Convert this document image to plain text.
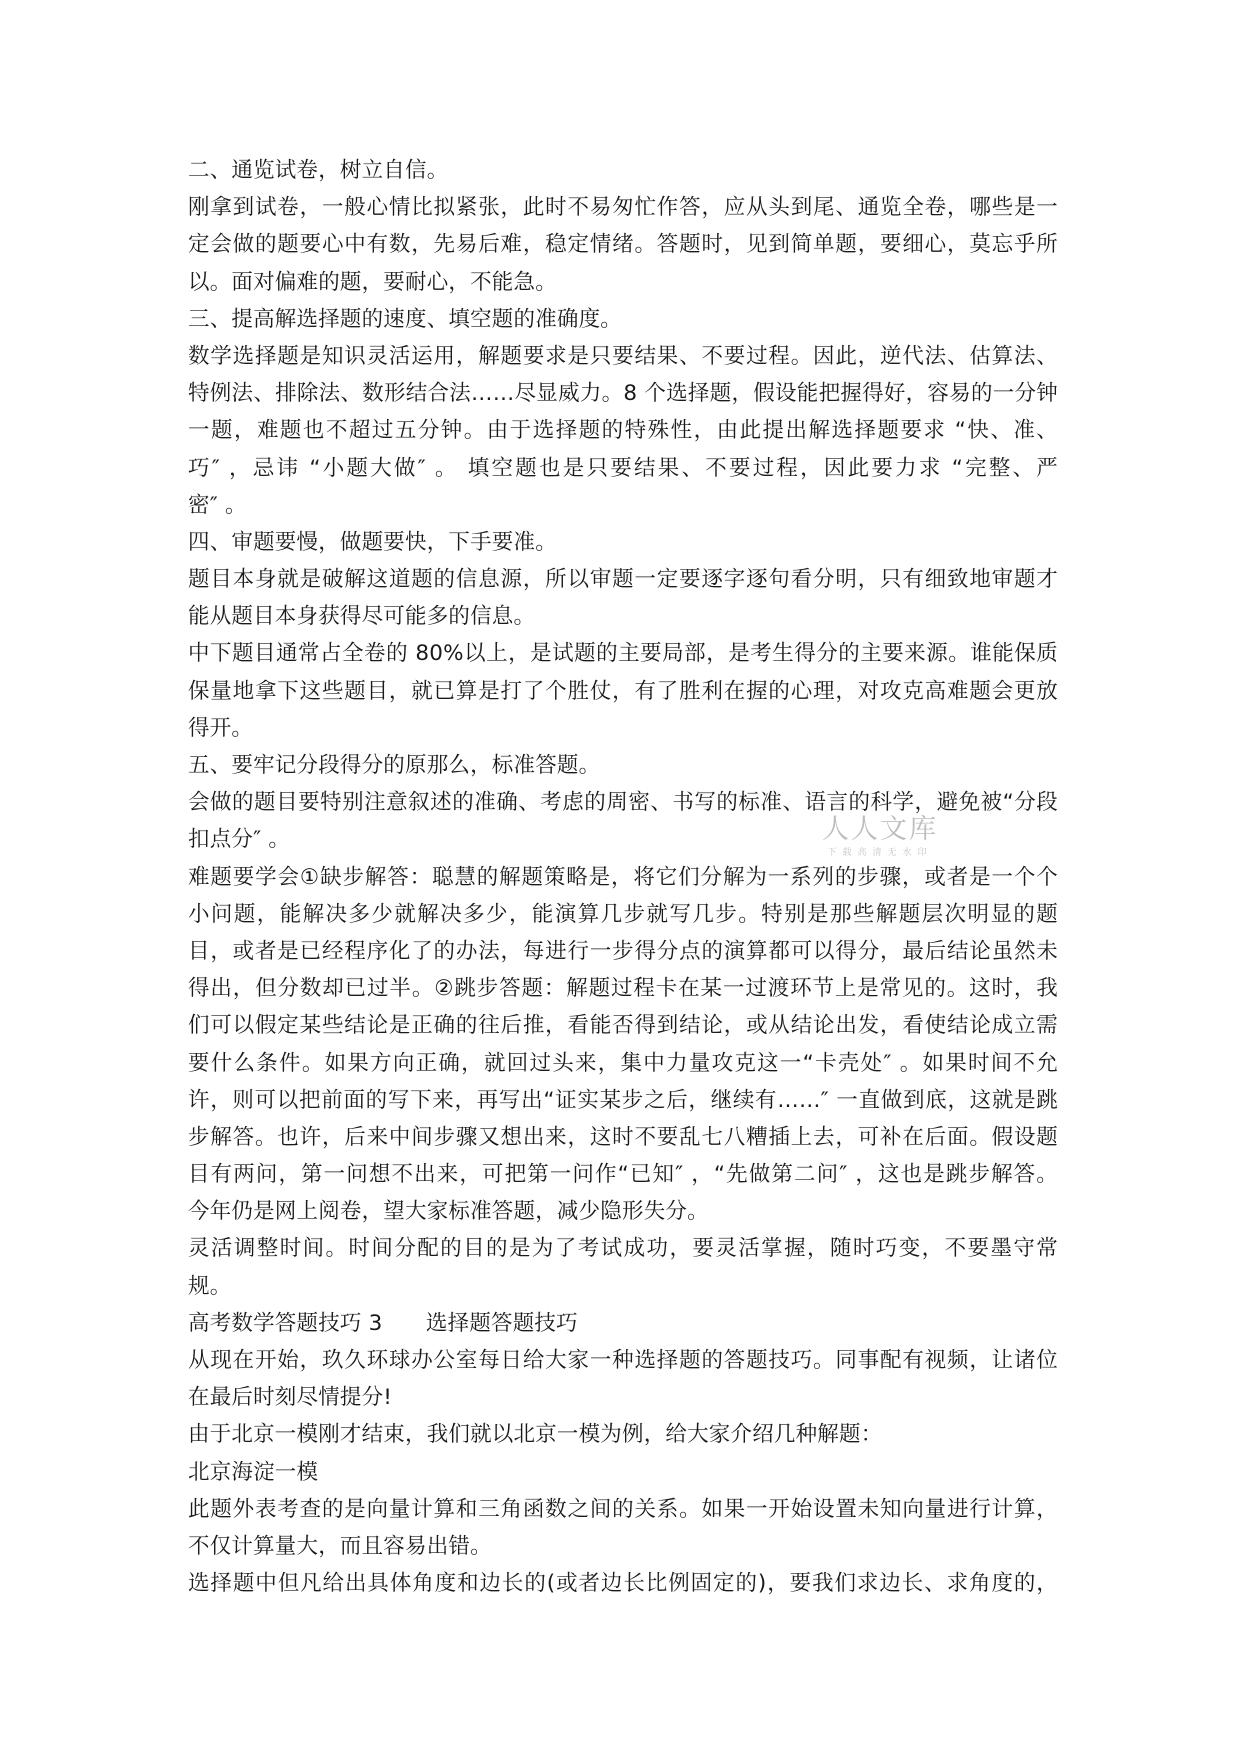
二、通览试卷，树立自信。
刚拿到试卷，一般心情比拟紧张，此时不易匆忙作答，应从头到尾、通览全卷，哪些是一
定会做的题要心中有数，先易后难，稳定情绪。答题时，见到简单题，要细心，莫忘乎所
以。面对偏难的题，要耐心，不能急。
三、提高解选择题的速度、填空题的准确度。
数学选择题是知识灵活运用，解题要求是只要结果、不要过程。因此，逆代法、估算法、
特例法、排除法、数形结合法……尽显威力。8 个选择题，假设能把握得好，容易的一分钟
一题，难题也不超过五分钟。由于选择题的特殊性，由此提出解选择题要求 “快、准、
巧″ ，忌讳 “小题大做″ 。 填空题也是只要结果、不要过程，因此要力求 “完整、严
密″ 。
四、审题要慢，做题要快，下手要准。
题目本身就是破解这道题的信息源，所以审题一定要逐字逐句看分明，只有细致地审题才
能从题目本身获得尽可能多的信息。
中下题目通常占全卷的 80%以上，是试题的主要局部，是考生得分的主要来源。谁能保质
保量地拿下这些题目，就已算是打了个胜仗，有了胜利在握的心理，对攻克高难题会更放
得开。
五、要牢记分段得分的原那么，标准答题。
会做的题目要特别注意叙述的准确、考虑的周密、书写的标准、语言的科学，避免被“分段
扣点分″ 。
难题要学会①缺步解答：聪慧的解题策略是，将它们分解为一系列的步骤，或者是一个个
小问题，能解决多少就解决多少，能演算几步就写几步。特别是那些解题层次明显的题
目，或者是已经程序化了的办法，每进行一步得分点的演算都可以得分，最后结论虽然未
得出，但分数却已过半。②跳步答题：解题过程卡在某一过渡环节上是常见的。这时，我
们可以假定某些结论是正确的往后推，看能否得到结论，或从结论出发，看使结论成立需
要什么条件。如果方向正确，就回过头来，集中力量攻克这一“卡壳处″ 。如果时间不允
许，则可以把前面的写下来，再写出“证实某步之后，继续有……″ 一直做到底，这就是跳
步解答。也许，后来中间步骤又想出来，这时不要乱七八糟插上去，可补在后面。假设题
目有两问，第一问想不出来，可把第一问作“已知″ ，“先做第二问″ ，这也是跳步解答。
今年仍是网上阅卷，望大家标准答题，减少隐形失分。
灵活调整时间。时间分配的目的是为了考试成功，要灵活掌握，随时巧变，不要墨守常
规。
高考数学答题技巧 3　　选择题答题技巧
从现在开始，玖久环球办公室每日给大家一种选择题的答题技巧。同事配有视频，让诸位
在最后时刻尽情提分!
由于北京一模刚才结束，我们就以北京一模为例，给大家介绍几种解题：
北京海淀一模
此题外表考查的是向量计算和三角函数之间的关系。如果一开始设置未知向量进行计算，
不仅计算量大，而且容易出错。
选择题中但凡给出具体角度和边长的(或者边长比例固定的)，要我们求边长、求角度的，
人人文库
下载高清无水印
